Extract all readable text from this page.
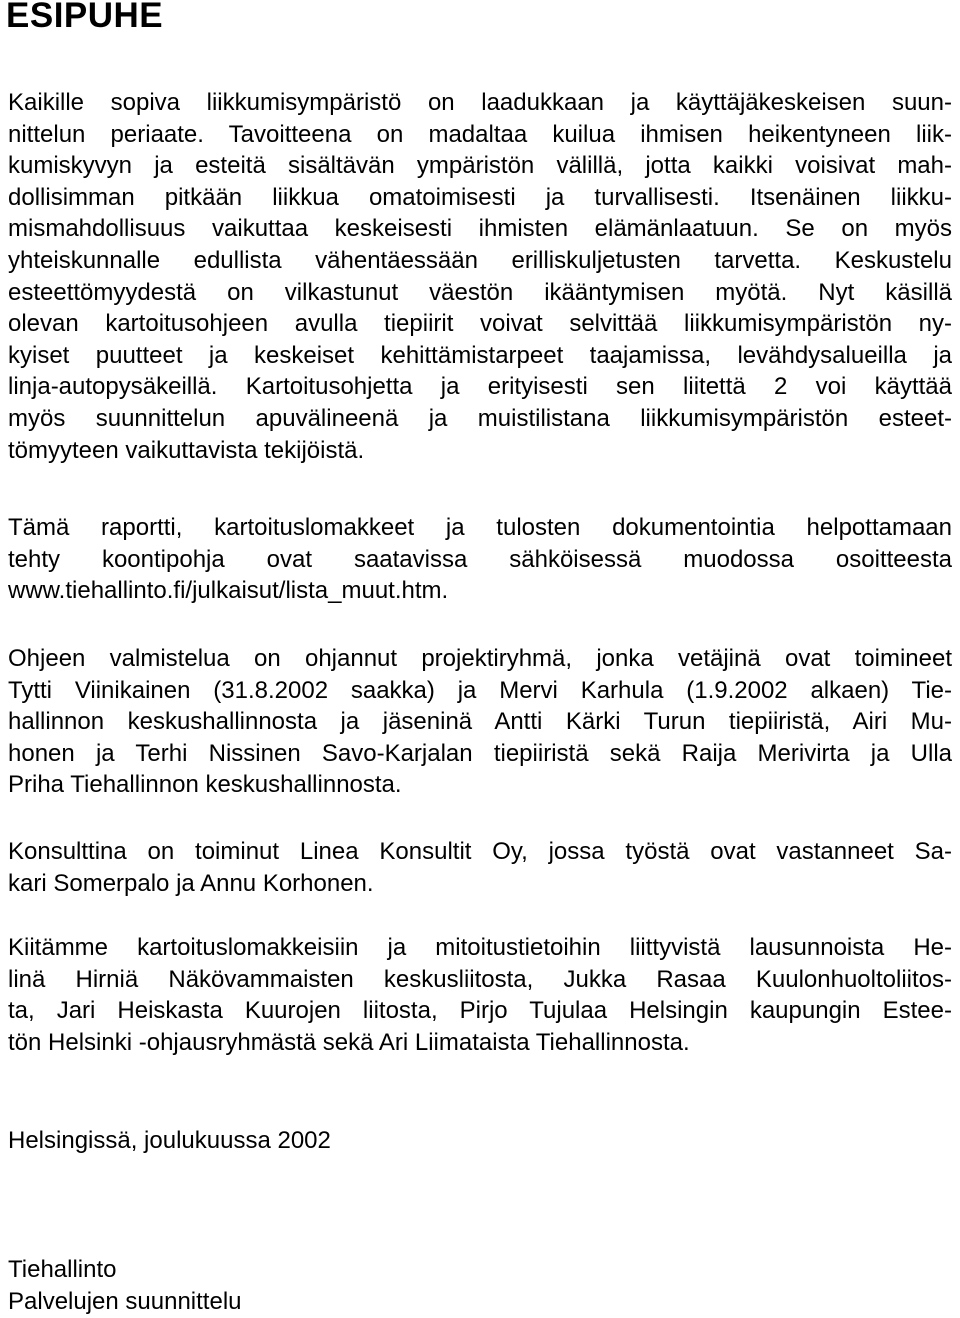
ESIPUHE
Kaikille sopiva liikkumisympäristö on laadukkaan ja käyttäjäkeskeisen suun-
nittelun periaate. Tavoitteena on madaltaa kuilua ihmisen heikentyneen liik-
kumiskyvyn ja esteitä sisältävän ympäristön välillä, jotta kaikki voisivat mah-
dollisimman pitkään liikkua omatoimisesti ja turvallisesti. Itsenäinen liikku-
mismahdollisuus vaikuttaa keskeisesti ihmisten elämänlaatuun. Se on myös
yhteiskunnalle edullista vähentäessään erilliskuljetusten tarvetta. Keskustelu
esteettömyydestä on vilkastunut väestön ikääntymisen myötä. Nyt käsillä
olevan kartoitusohjeen avulla tiepiirit voivat selvittää liikkumisympäristön ny-
kyiset puutteet ja keskeiset kehittämistarpeet taajamissa, levähdysalueilla ja
linja-autopysäkeillä. Kartoitusohjetta ja erityisesti sen liitettä 2 voi käyttää
myös suunnittelun apuvälineenä ja muistilistana liikkumisympäristön esteet-
tömyyteen vaikuttavista tekijöistä.
Tämä raportti, kartoituslomakkeet ja tulosten dokumentointia helpottamaan
tehty koontipohja ovat saatavissa sähköisessä muodossa osoitteesta
www.tiehallinto.fi/julkaisut/lista_muut.htm.
Ohjeen valmistelua on ohjannut projektiryhmä, jonka vetäjinä ovat toimineet
Tytti Viinikainen (31.8.2002 saakka) ja Mervi Karhula (1.9.2002 alkaen) Tie-
hallinnon keskushallinnosta ja jäseninä Antti Kärki Turun tiepiiristä, Airi Mu-
honen ja Terhi Nissinen Savo-Karjalan tiepiiristä sekä Raija Merivirta ja Ulla
Priha Tiehallinnon keskushallinnosta.
Konsulttina on toiminut Linea Konsultit Oy, jossa työstä ovat vastanneet Sa-
kari Somerpalo ja Annu Korhonen.
Kiitämme kartoituslomakkeisiin ja mitoitustietoihin liittyvistä lausunnoista He-
linä Hirniä Näkövammaisten keskusliitosta, Jukka Rasaa Kuulonhuoltoliitos-
ta, Jari Heiskasta Kuurojen liitosta, Pirjo Tujulaa Helsingin kaupungin Estee-
tön Helsinki -ohjausryhmästä sekä Ari Liimataista Tiehallinnosta.

Helsingissä, joulukuussa 2002

Tiehallinto

Palvelujen suunnittelu
